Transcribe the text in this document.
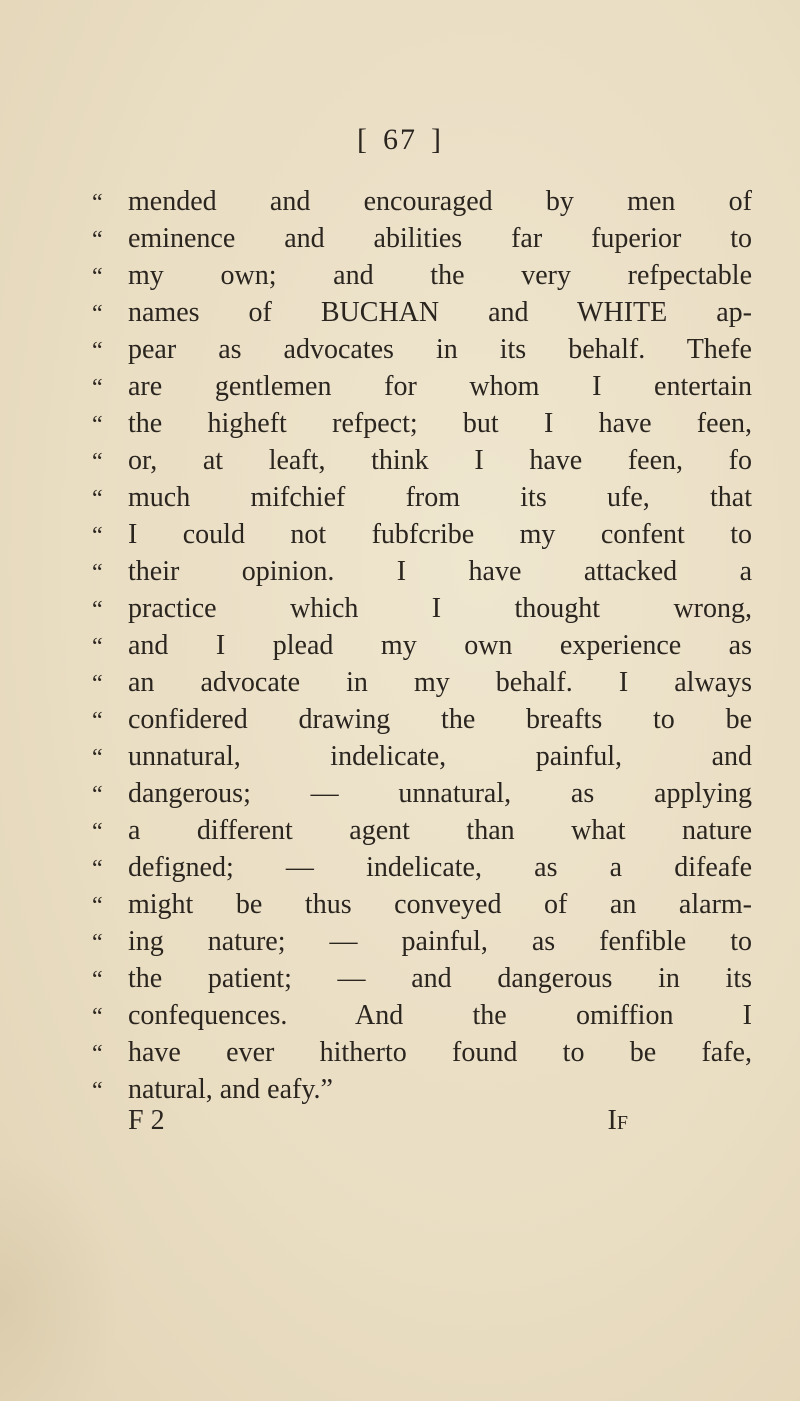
[ 67 ]
“ mended and encouraged by men of
“ eminence and abilities far fuperior to
“ my own; and the very refpectable
“ names of BUCHAN and WHITE ap-
“ pear as advocates in its behalf. Thefe
“ are gentlemen for whom I entertain
“ the higheft refpect; but I have feen,
“ or, at leaft, think I have feen, fo
“ much mifchief from its ufe, that
“ I could not fubfcribe my confent to
“ their opinion. I have attacked a
“ practice which I thought wrong,
“ and I plead my own experience as
“ an advocate in my behalf. I always
“ confidered drawing the breafts to be
“ unnatural, indelicate, painful, and
“ dangerous; — unnatural, as applying
“ a different agent than what nature
“ defigned; — indelicate, as a difeafe
“ might be thus conveyed of an alarm-
“ ing nature; — painful, as fenfible to
“ the patient; — and dangerous in its
“ confequences. And the omiffion I
“ have ever hitherto found to be fafe,
“ natural, and eafy.”
F 2	If
